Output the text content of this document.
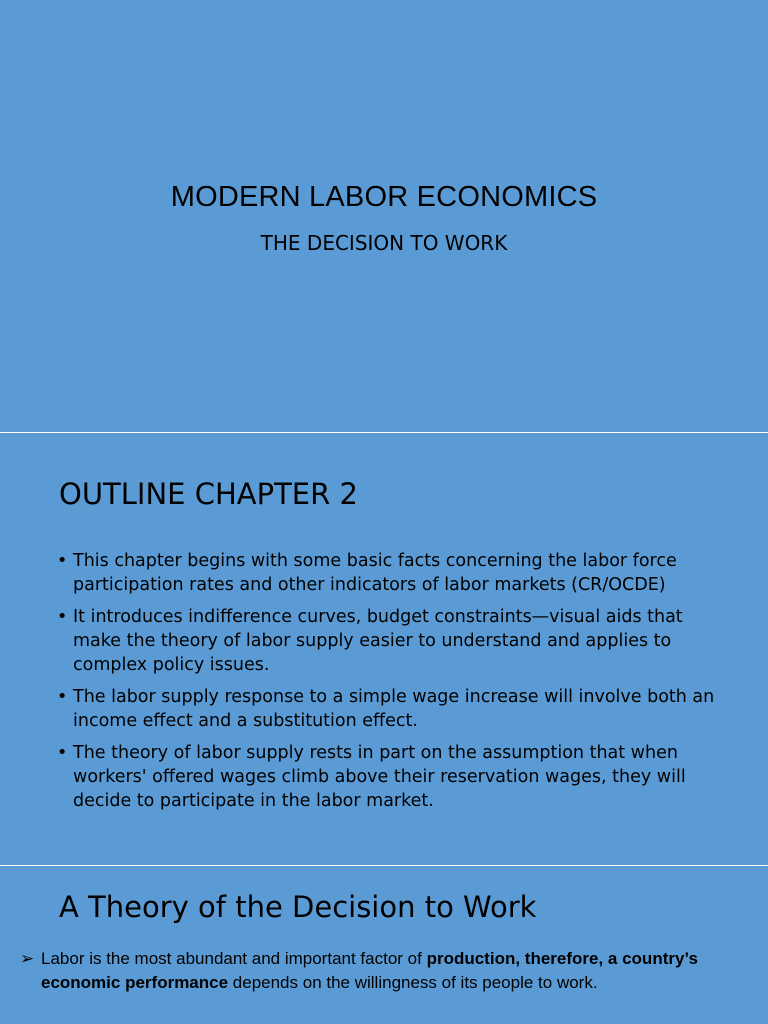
MODERN LABOR ECONOMICS
THE DECISION TO WORK
OUTLINE CHAPTER 2
• This chapter begins with some basic facts concerning the labor force participation rates and other indicators of labor markets (CR/OCDE)
• It introduces indifference curves, budget constraints—visual aids that make the theory of labor supply easier to understand and applies to complex policy issues.
• The labor supply response to a simple wage increase will involve both an income effect and a substitution effect.
• The theory of labor supply rests in part on the assumption that when workers' offered wages climb above their reservation wages, they will decide to participate in the labor market.
A Theory of the Decision to Work
➢ Labor is the most abundant and important factor of production, therefore, a country’s economic performance depends on the willingness of its people to work.
